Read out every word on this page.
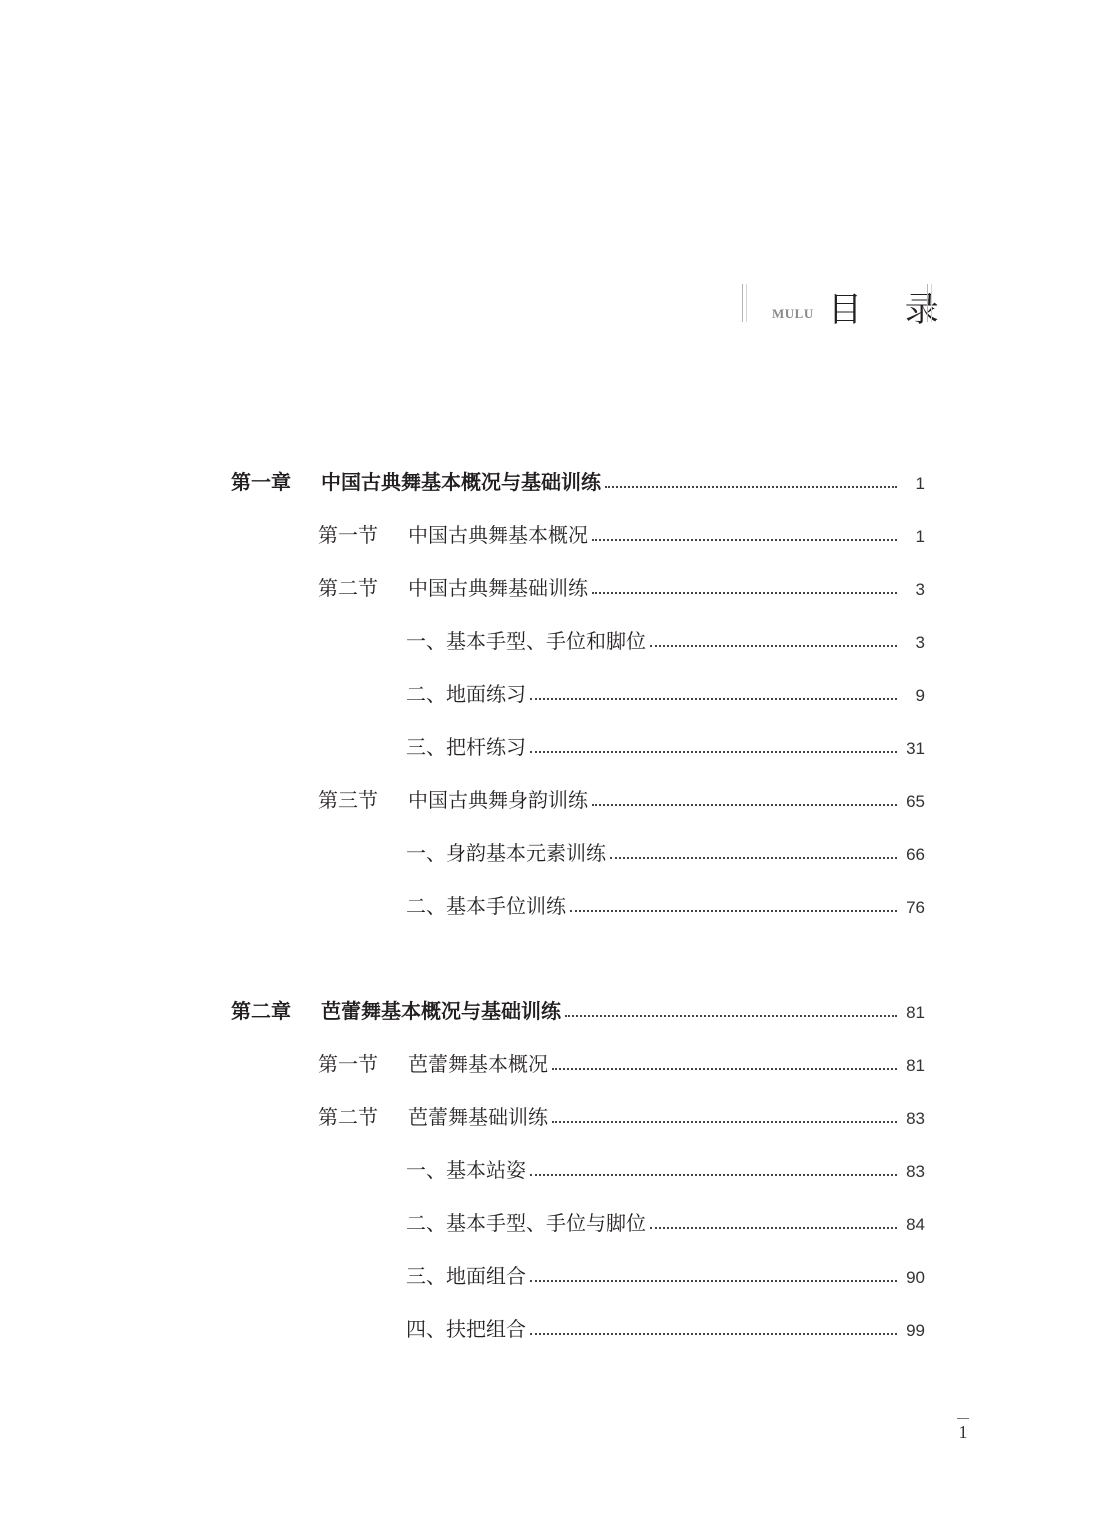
MULU 目 录
第一章	中国古典舞基本概况与基础训练	1
第一节	中国古典舞基本概况	1
第二节	中国古典舞基础训练	3
一、基本手型、手位和脚位	3
二、地面练习	9
三、把杆练习	31
第三节	中国古典舞身韵训练	65
一、身韵基本元素训练	66
二、基本手位训练	76
第二章	芭蕾舞基本概况与基础训练	81
第一节	芭蕾舞基本概况	81
第二节	芭蕾舞基础训练	83
一、基本站姿	83
二、基本手型、手位与脚位	84
三、地面组合	90
四、扶把组合	99
1
